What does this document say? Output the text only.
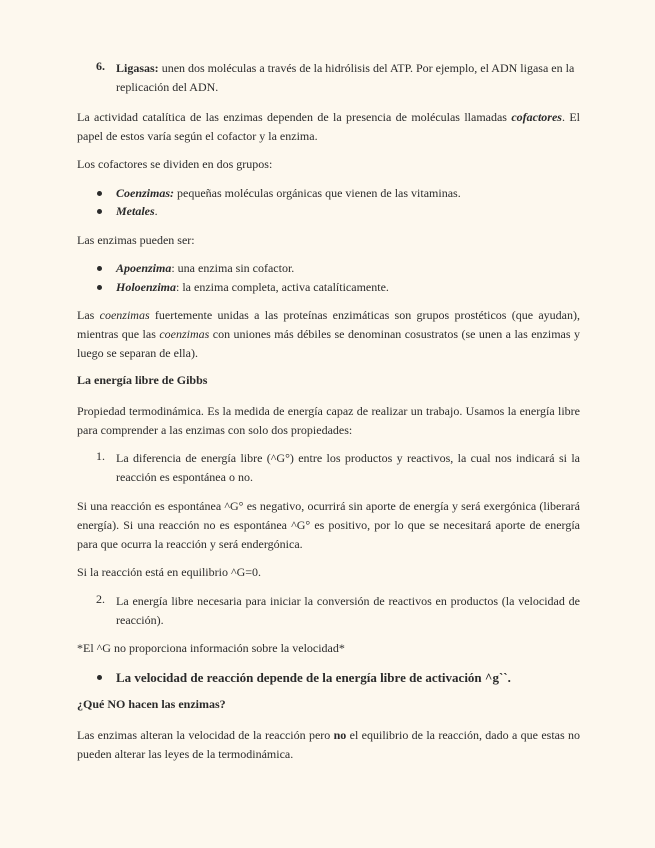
6. Ligasas: unen dos moléculas a través de la hidrólisis del ATP. Por ejemplo, el ADN ligasa en la replicación del ADN.
La actividad catalítica de las enzimas dependen de la presencia de moléculas llamadas cofactores. El papel de estos varía según el cofactor y la enzima.
Los cofactores se dividen en dos grupos:
Coenzimas: pequeñas moléculas orgánicas que vienen de las vitaminas.
Metales.
Las enzimas pueden ser:
Apoenzima: una enzima sin cofactor.
Holoenzima: la enzima completa, activa catalíticamente.
Las coenzimas fuertemente unidas a las proteínas enzimáticas son grupos prostéticos (que ayudan), mientras que las coenzimas con uniones más débiles se denominan cosustratos (se unen a las enzimas y luego se separan de ella).
La energía libre de Gibbs
Propiedad termodinámica. Es la medida de energía capaz de realizar un trabajo. Usamos la energía libre para comprender a las enzimas con solo dos propiedades:
1. La diferencia de energía libre (^G°) entre los productos y reactivos, la cual nos indicará si la reacción es espontánea o no.
Si una reacción es espontánea ^G° es negativo, ocurrirá sin aporte de energía y será exergónica (liberará energía). Si una reacción no es espontánea ^G° es positivo, por lo que se necesitará aporte de energía para que ocurra la reacción y será endergónica.
Si la reacción está en equilibrio ^G=0.
2. La energía libre necesaria para iniciar la conversión de reactivos en productos (la velocidad de reacción).
*El ^G no proporciona información sobre la velocidad*
La velocidad de reacción depende de la energía libre de activación ^g``.
¿Qué NO hacen las enzimas?
Las enzimas alteran la velocidad de la reacción pero no el equilibrio de la reacción, dado a que estas no pueden alterar las leyes de la termodinámica.
